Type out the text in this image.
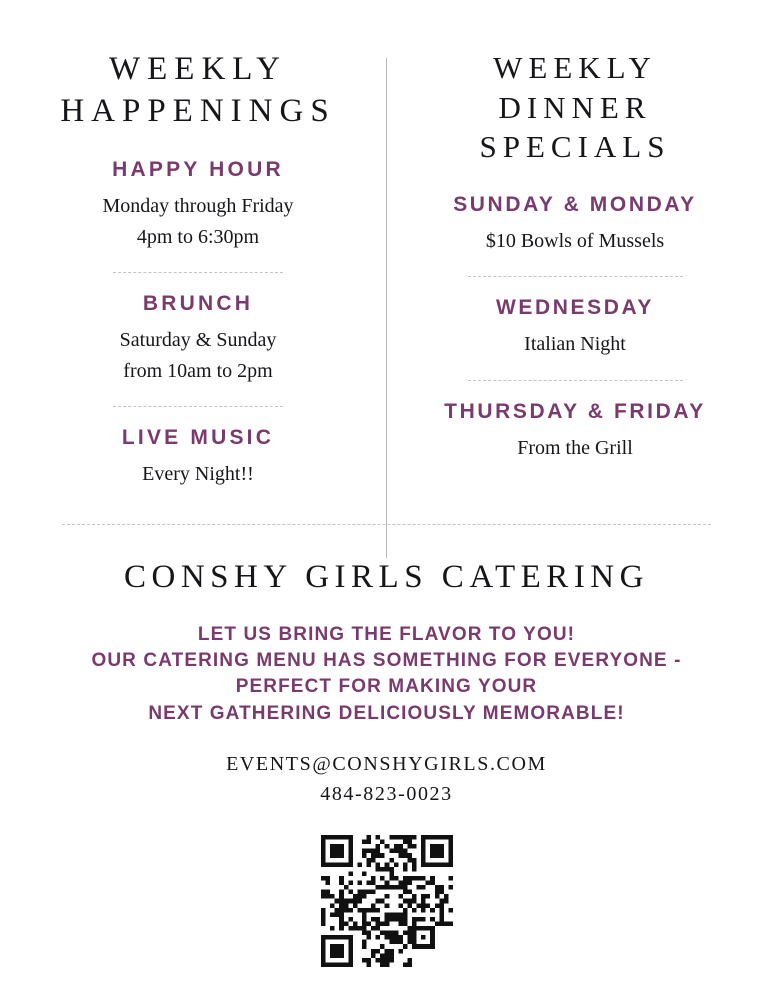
WEEKLY
HAPPENINGS
HAPPY HOUR

Monday through Friday

4pm to 6:30pm

BRUNCH

Saturday & Sunday

from 10am to 2pm

LIVE MUSIC

Every Night!!

WEEKLY
DINNER
SPECIALS
SUNDAY & MONDAY

$10 Bowls of Mussels

WEDNESDAY

Italian Night

THURSDAY & FRIDAY

From the Grill

CONSHY GIRLS CATERING
LET US BRING THE FLAVOR TO YOU!
OUR CATERING MENU HAS SOMETHING FOR EVERYONE -
PERFECT FOR MAKING YOUR
NEXT GATHERING DELICIOUSLY MEMORABLE!
EVENTS@CONSHYGIRLS.COM
484-823-0023
